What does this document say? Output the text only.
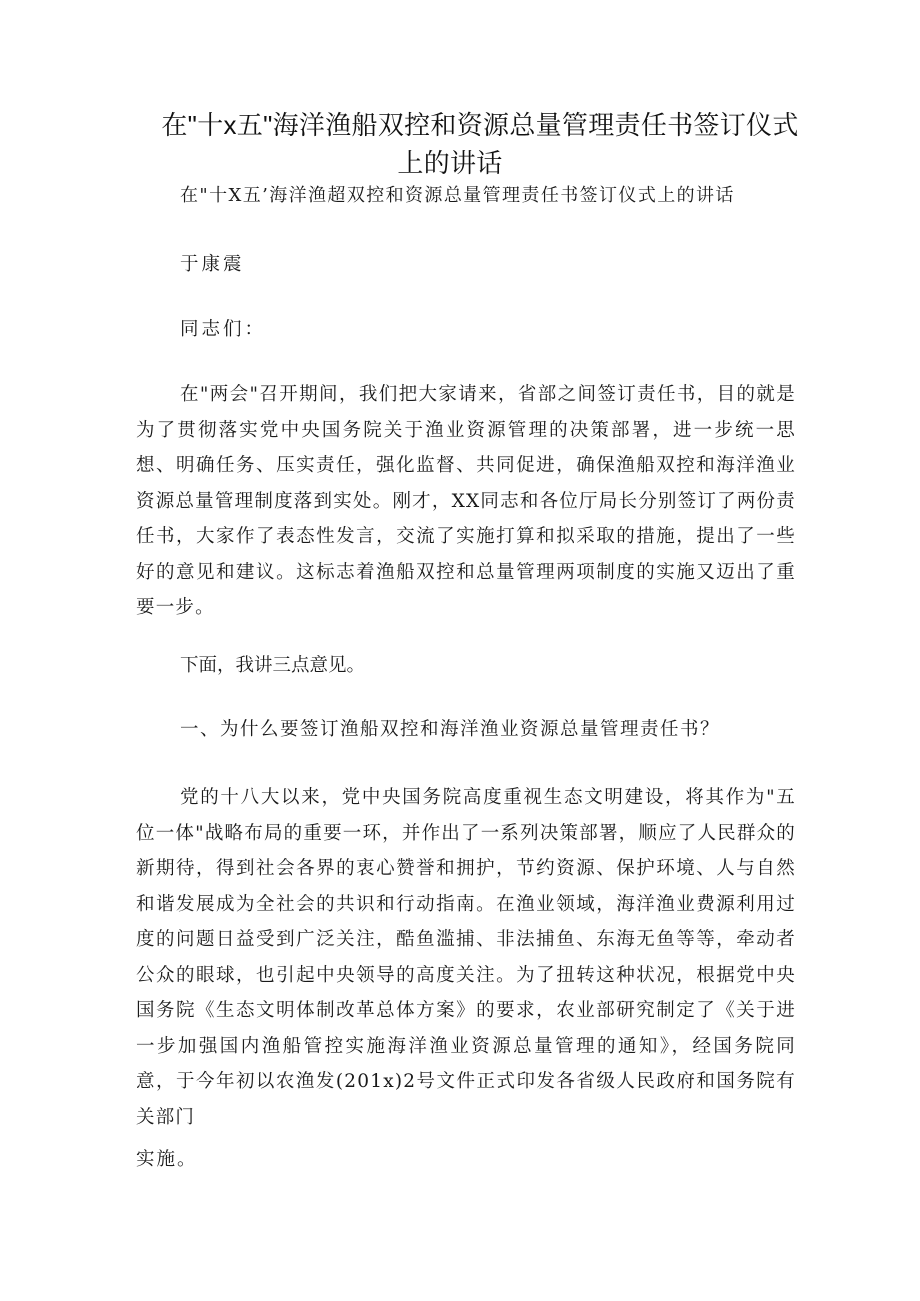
在"十x五"海洋渔船双控和资源总量管理责任书签订仪式
上的讲话
在"十X五’海洋渔超双控和资源总量管理责任书签订仪式上的讲话
于康震
同志们：

在"两会"召开期间，我们把大家请来，省部之间签订责任书，目的就是为了贯彻落实党中央国务院关于渔业资源管理的决策部署，进一步统一思想、明确任务、压实责任，强化监督、共同促进，确保渔船双控和海洋渔业资源总量管理制度落到实处。刚才，XX同志和各位厅局长分别签订了两份责任书，大家作了表态性发言，交流了实施打算和拟采取的措施，提出了一些好的意见和建议。这标志着渔船双控和总量管理两项制度的实施又迈出了重要一步。

下面，我讲三点意见。
一、为什么要签订渔船双控和海洋渔业资源总量管理责任书？

党的十八大以来，党中央国务院高度重视生态文明建设，将其作为"五位一体"战略布局的重要一环，并作出了一系列决策部署，顺应了人民群众的新期待，得到社会各界的衷心赞誉和拥护，节约资源、保护环境、人与自然和谐发展成为全社会的共识和行动指南。在渔业领域，海洋渔业费源利用过度的问题日益受到广泛关注，酷鱼滥捕、非法捕鱼、东海无鱼等等，牵动者公众的眼球，也引起中央领导的高度关注。为了扭转这种状况，根据党中央国务院《生态文明体制改革总体方案》的要求，农业部研究制定了《关于进一步加强国内渔船管控实施海洋渔业资源总量管理的通知》，经国务院同意，于今年初以农渔发(201x)2号文件正式印发各省级人民政府和国务院有关部门

实施。
